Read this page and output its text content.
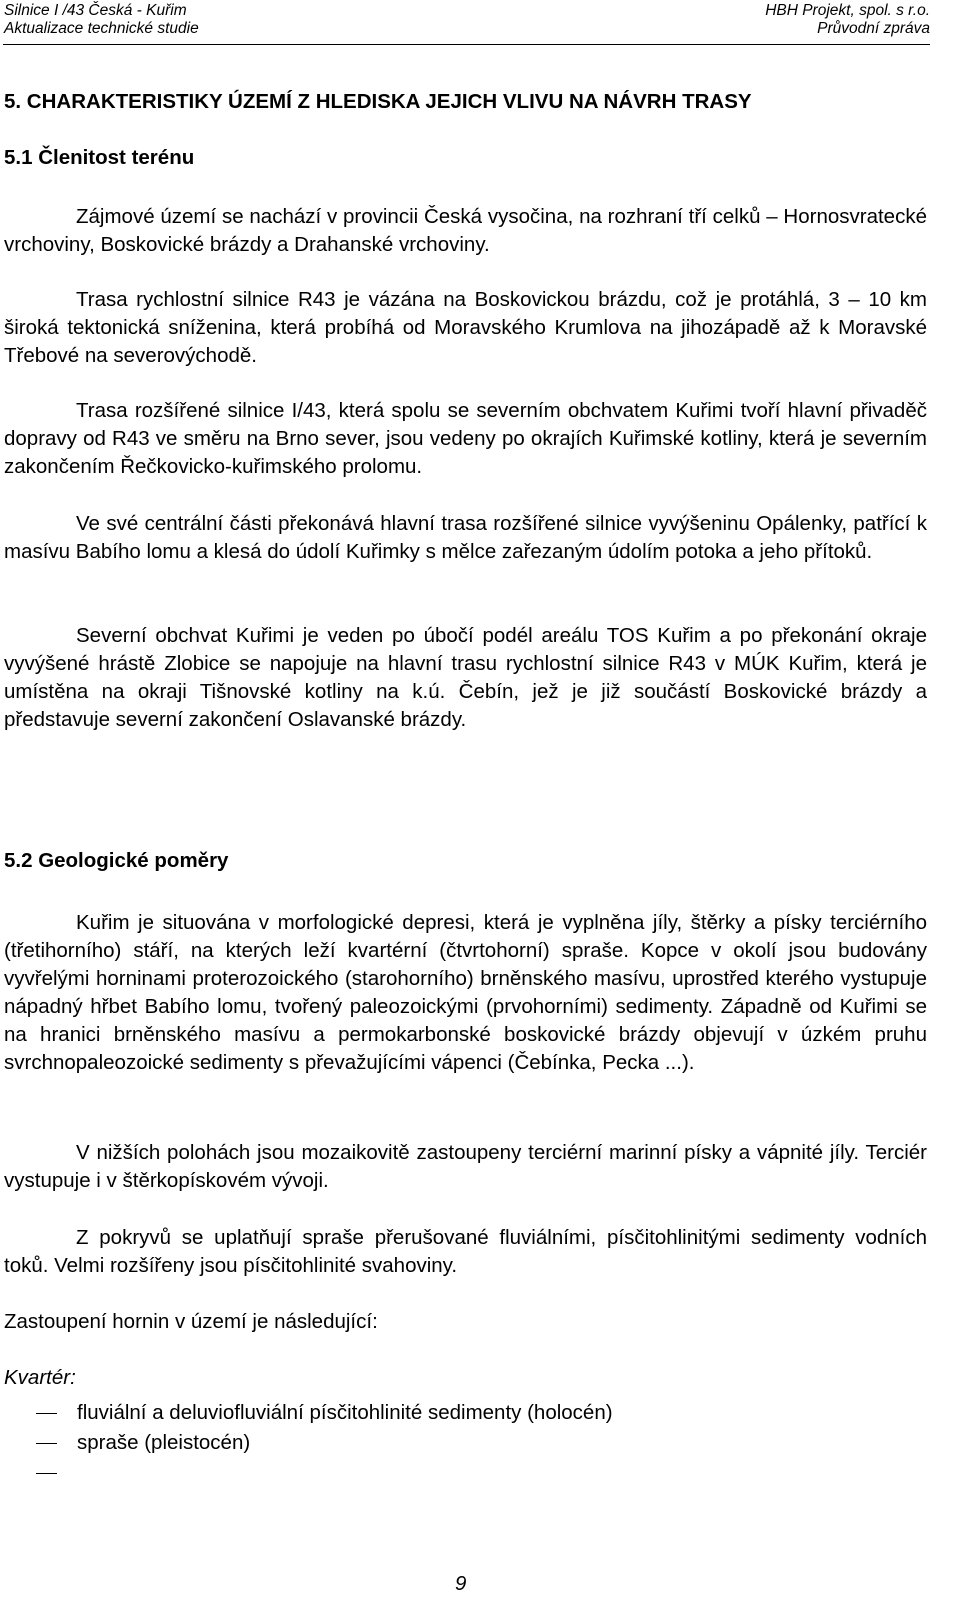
Silnice I /43 Česká - Kuřim
Aktualizace technické studie
HBH Projekt, spol. s r.o.
Průvodní zpráva
5. CHARAKTERISTIKY ÚZEMÍ Z HLEDISKA JEJICH VLIVU NA NÁVRH TRASY
5.1 Členitost terénu

Zájmové území se nachází v provincii Česká vysočina, na rozhraní tří celků – Hornosvratecké vrchoviny, Boskovické brázdy a Drahanské vrchoviny.

Trasa rychlostní silnice R43 je vázána na Boskovickou brázdu, což je protáhlá, 3 – 10 km široká tektonická sníženina, která probíhá od Moravského Krumlova na jihozápadě až k Moravské Třebové na severovýchodě.

Trasa rozšířené silnice I/43, která spolu se severním obchvatem Kuřimi tvoří hlavní přivaděč dopravy od R43 ve směru na Brno sever, jsou vedeny po okrajích Kuřimské kotliny, která je severním zakončením Řečkovicko-kuřimského prolomu.

Ve své centrální části překonává hlavní trasa rozšířené silnice vyvýšeninu Opálenky, patřící k masívu Babího lomu a klesá do údolí Kuřimky s mělce zařezaným údolím potoka a jeho přítoků.

Severní obchvat Kuřimi je veden po úbočí podél areálu TOS Kuřim a po překonání okraje vyvýšené hrástě Zlobice se napojuje na hlavní trasu rychlostní silnice R43 v MÚK Kuřim, která je umístěna na okraji Tišnovské kotliny na k.ú. Čebín, jež je již součástí Boskovické brázdy a představuje severní zakončení Oslavanské brázdy.

5.2 Geologické poměry

Kuřim je situována v morfologické depresi, která je vyplněna jíly, štěrky a písky terciérního (třetihorního) stáří, na kterých leží kvartérní (čtvrtohorní) spraše. Kopce v okolí jsou budovány vyvřelými horninami proterozoického (starohorního) brněnského masívu, uprostřed kterého vystupuje nápadný hřbet Babího lomu, tvořený paleozoickými (prvohorními) sedimenty. Západně od Kuřimi se na hranici brněnského masívu a permokarbonské boskovické brázdy objevují v úzkém pruhu svrchnopaleozoické sedimenty s převažujícími vápenci (Čebínka, Pecka ...).

V nižších polohách jsou mozaikovitě zastoupeny terciérní marinní písky a vápnité jíly. Terciér vystupuje i v štěrkopískovém vývoji.

Z pokryvů se uplatňují spraše přerušované fluviálními, písčitohlinitými sedimenty vodních toků. Velmi rozšířeny jsou písčitohlinité svahoviny.

Zastoupení hornin v území je následující:

Kvartér:

fluviální a deluviofluviální písčitohlinité sedimenty (holocén)
spraše (pleistocén)
9
